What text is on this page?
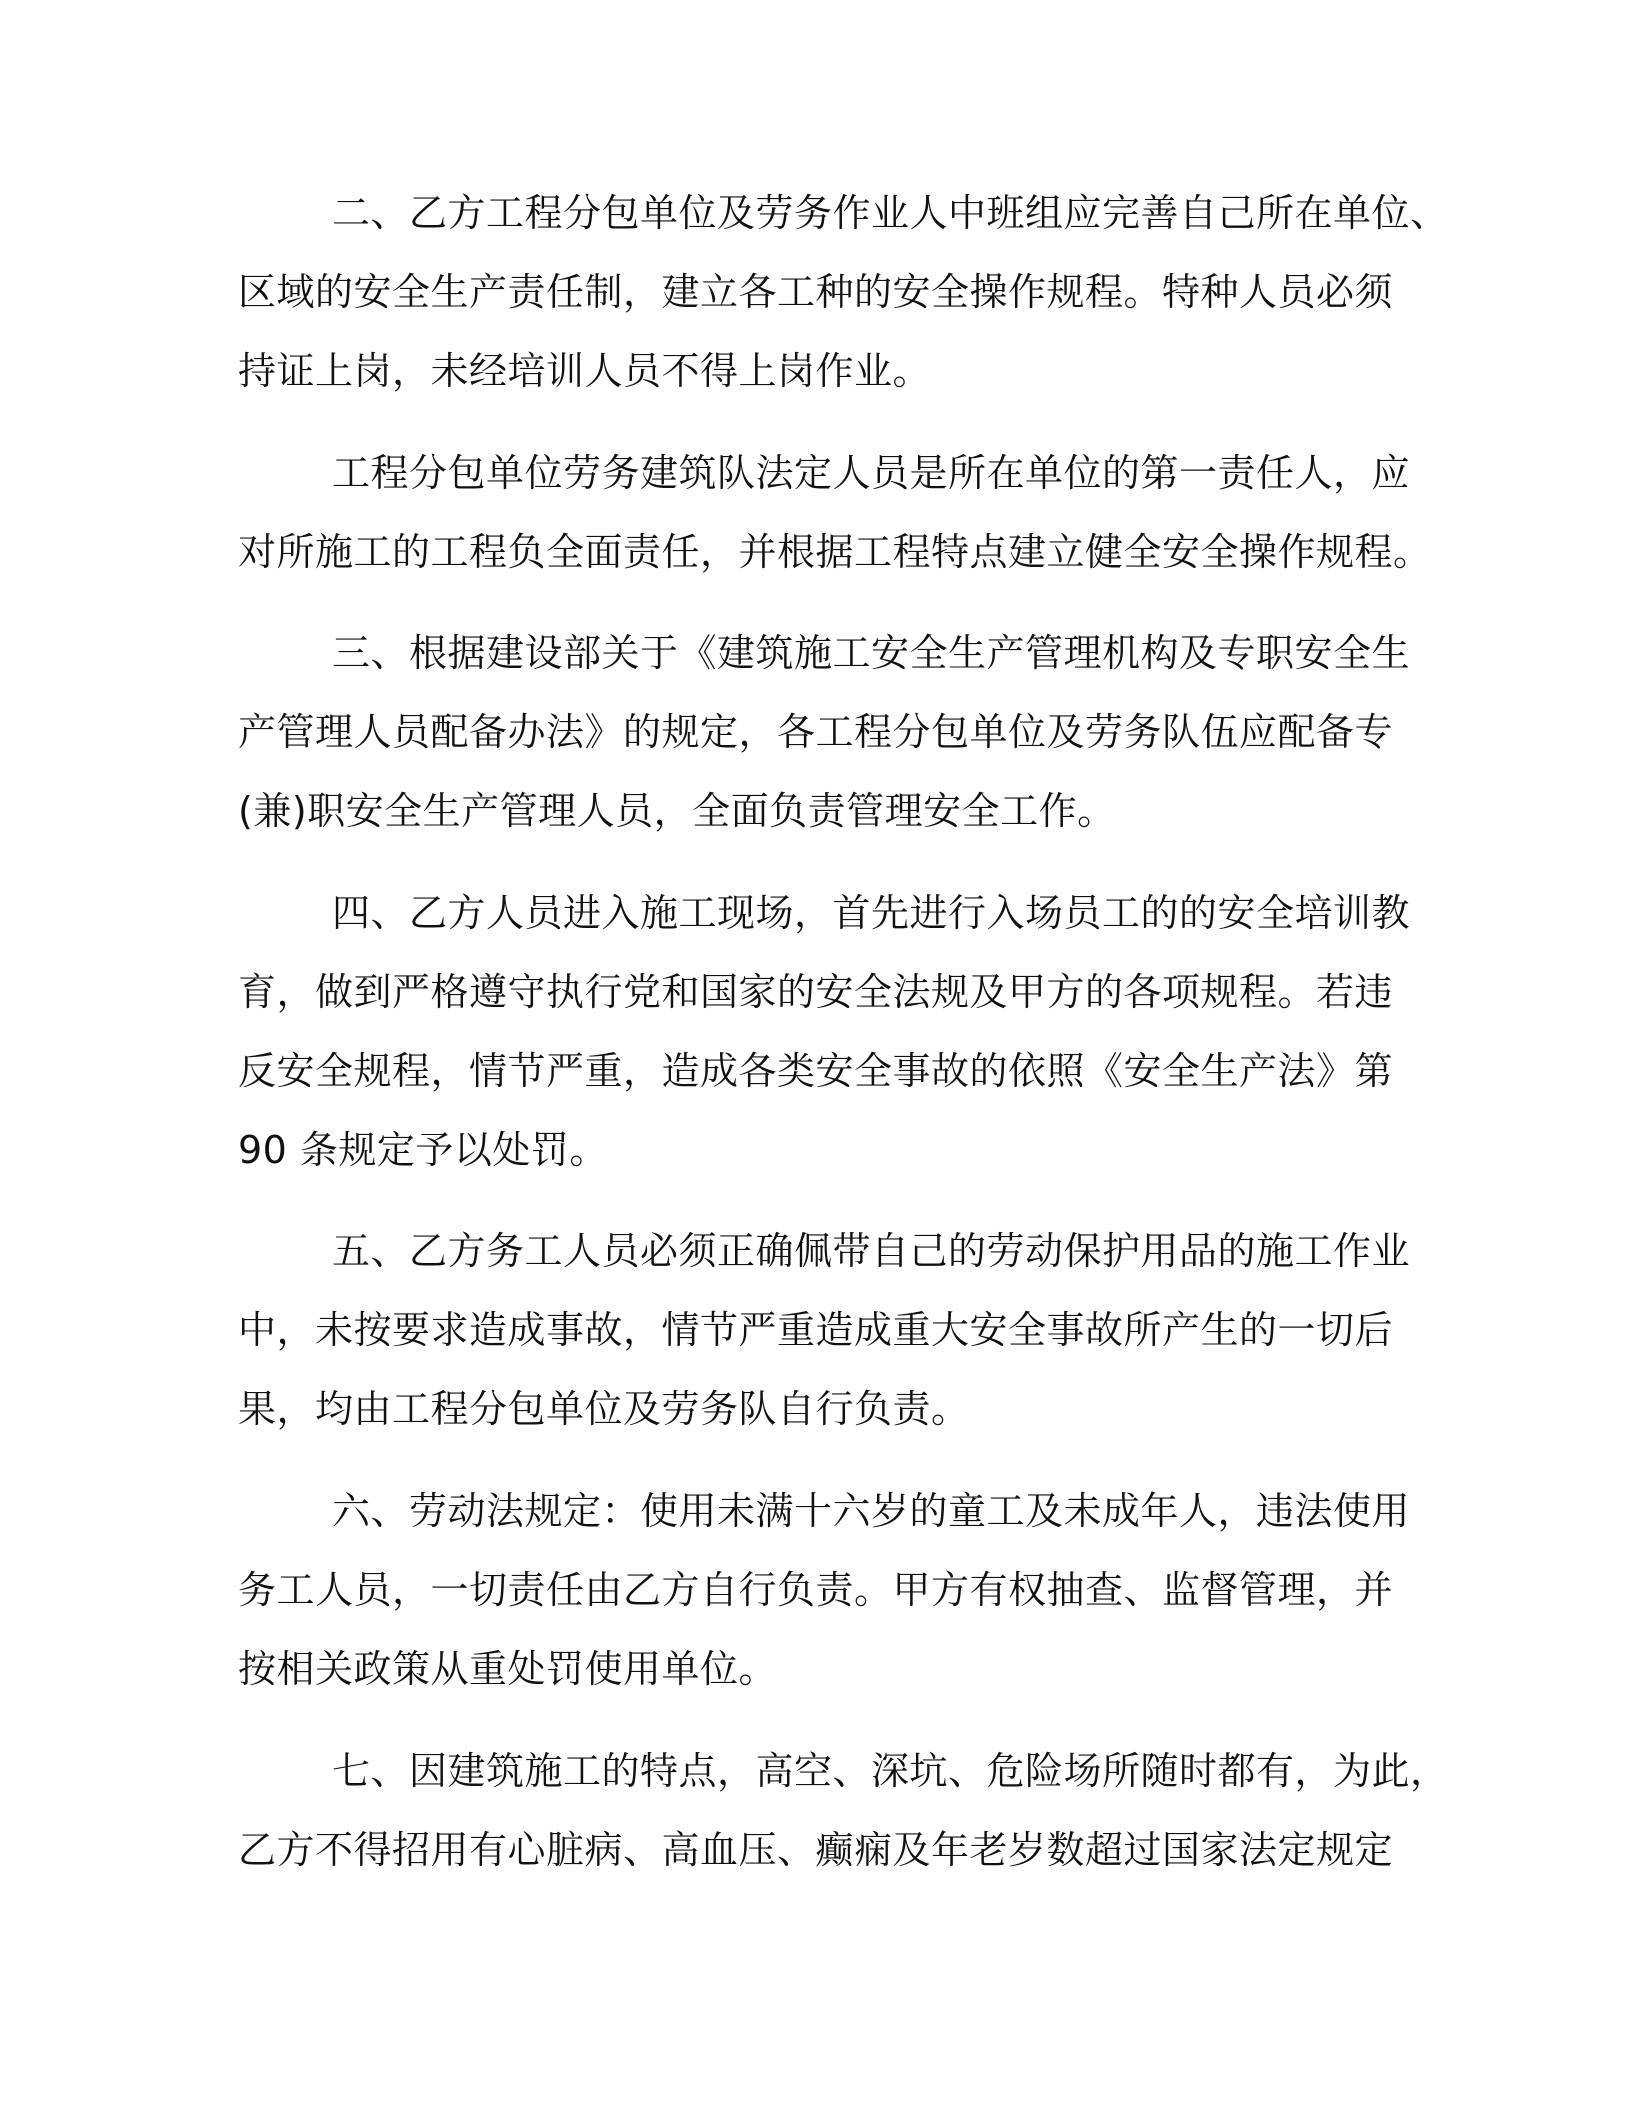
二、乙方工程分包单位及劳务作业人中班组应完善自己所在单位、

区域的安全生产责任制，建立各工种的安全操作规程。特种人员必须

持证上岗，未经培训人员不得上岗作业。

工程分包单位劳务建筑队法定人员是所在单位的第一责任人，应

对所施工的工程负全面责任，并根据工程特点建立健全安全操作规程。

三、根据建设部关于《建筑施工安全生产管理机构及专职安全生

产管理人员配备办法》的规定，各工程分包单位及劳务队伍应配备专

(兼)职安全生产管理人员，全面负责管理安全工作。

四、乙方人员进入施工现场，首先进行入场员工的的安全培训教

育，做到严格遵守执行党和国家的安全法规及甲方的各项规程。若违

反安全规程，情节严重，造成各类安全事故的依照《安全生产法》第

90 条规定予以处罚。

五、乙方务工人员必须正确佩带自己的劳动保护用品的施工作业

中，未按要求造成事故，情节严重造成重大安全事故所产生的一切后

果，均由工程分包单位及劳务队自行负责。

六、劳动法规定：使用未满十六岁的童工及未成年人，违法使用

务工人员，一切责任由乙方自行负责。甲方有权抽查、监督管理，并

按相关政策从重处罚使用单位。

七、因建筑施工的特点，高空、深坑、危险场所随时都有，为此，

乙方不得招用有心脏病、高血压、癫痫及年老岁数超过国家法定规定
